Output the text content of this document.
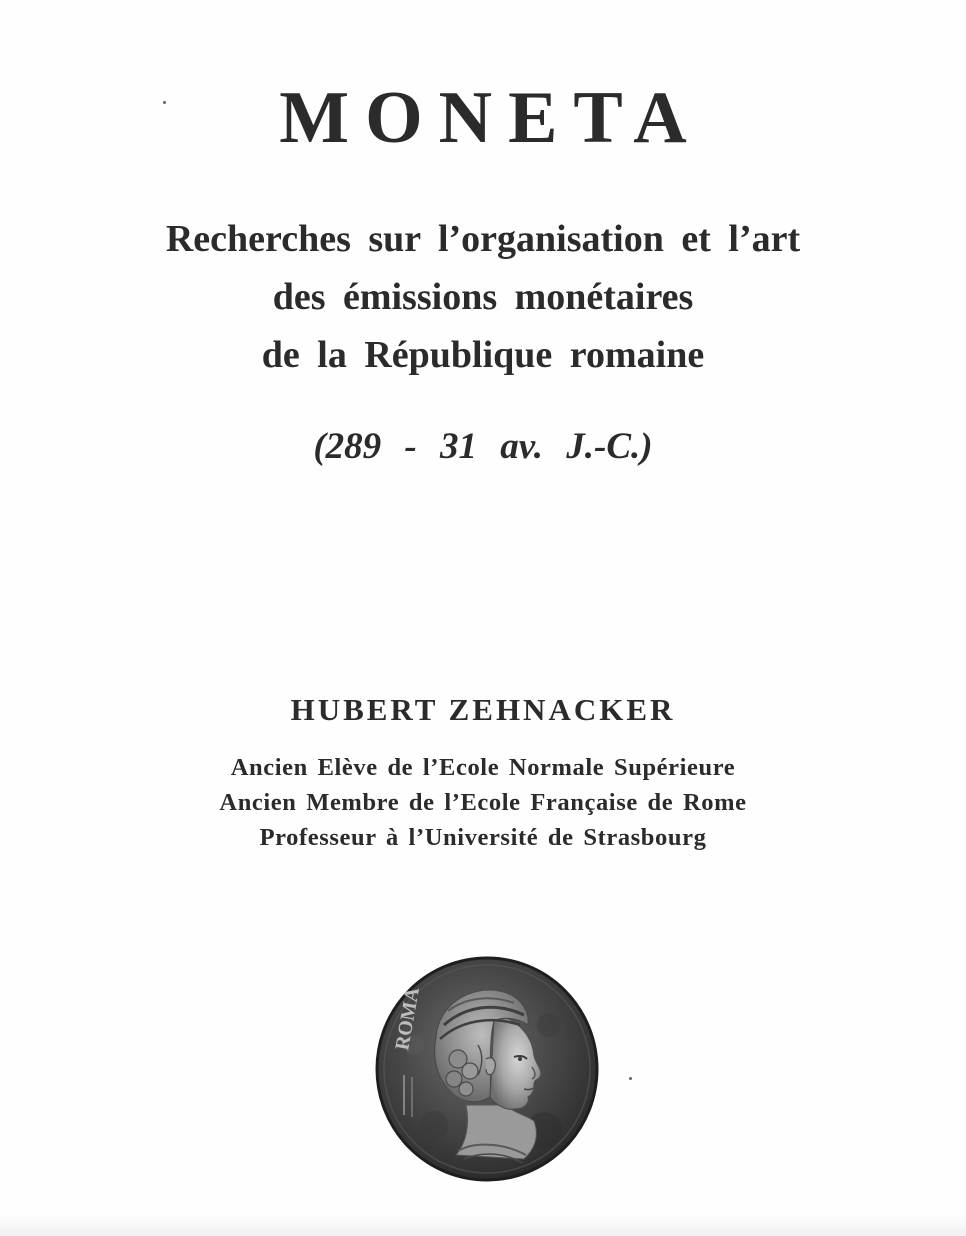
MONETA
Recherches sur l’organisation et l’art
des émissions monétaires
de la République romaine
(289 - 31 av. J.-C.)
HUBERT ZEHNACKER
Ancien Elève de l’Ecole Normale Supérieure
Ancien Membre de l’Ecole Française de Rome
Professeur à l’Université de Strasbourg
ROMA
